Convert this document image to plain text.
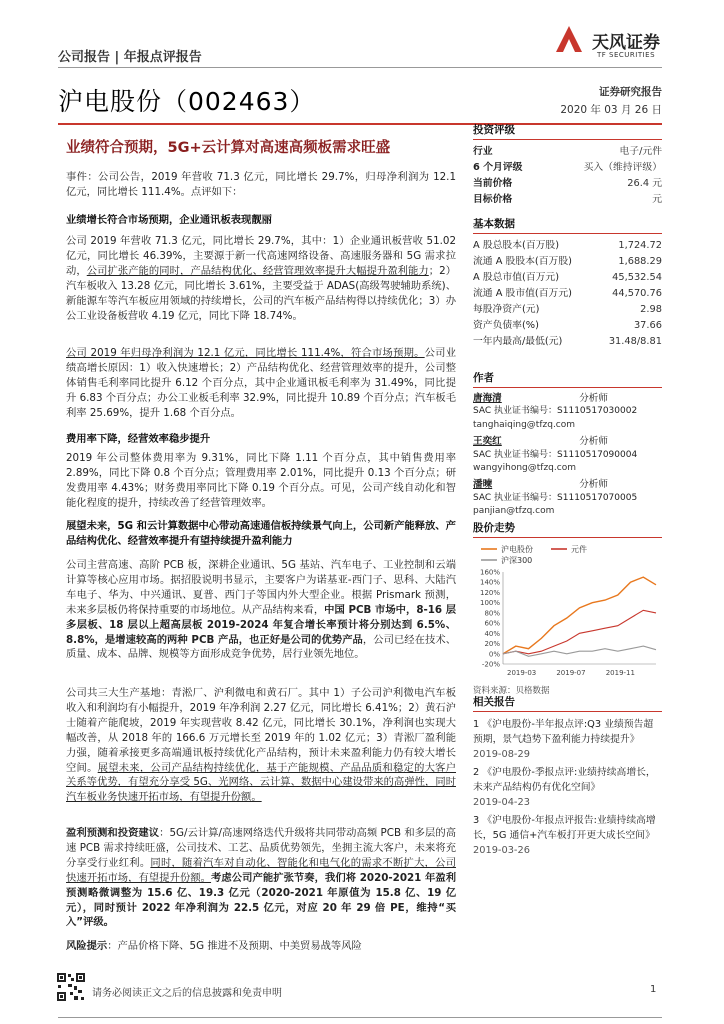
公司报告 | 年报点评报告
天风证券
TF SECURITIES
沪电股份（002463）	证券研究报告
2020 年 03 月 26 日
业绩符合预期，5G+云计算对高速高频板需求旺盛
事件：公司公告，2019 年营收 71.3 亿元，同比增长 29.7%，归母净利润为 12.1 亿元，同比增长 111.4%。点评如下：
业绩增长符合市场预期，企业通讯板表现靓丽
公司 2019 年营收 71.3 亿元，同比增长 29.7%，其中：1）企业通讯板营收 51.02 亿元，同比增长 46.39%，主要源于新一代高速网络设备、高速服务器和 5G 需求拉动，公司扩张产能的同时，产品结构优化、经营管理效率提升大幅提升盈利能力；2）汽车板收入 13.28 亿元，同比增长 3.61%，主要受益于 ADAS(高级驾驶辅助系统)、新能源车等汽车板应用领域的持续增长，公司的汽车板产品结构得以持续优化；3）办公工业设备板营收 4.19 亿元，同比下降 18.74%。
公司 2019 年归母净利润为 12.1 亿元，同比增长 111.4%，符合市场预期。公司业绩高增长原因：1）收入快速增长；2）产品结构优化、经营管理效率的提升，公司整体销售毛利率同比提升 6.12 个百分点，其中企业通讯板毛利率为 31.49%，同比提升 6.83 个百分点；办公工业板毛利率 32.9%，同比提升 10.89 个百分点；汽车板毛利率 25.69%，提升 1.68 个百分点。
费用率下降，经营效率稳步提升
2019 年公司整体费用率为 9.31%，同比下降 1.11 个百分点，其中销售费用率 2.89%，同比下降 0.8 个百分点；管理费用率 2.01%，同比提升 0.13 个百分点；研发费用率 4.43%；财务费用率同比下降 0.19 个百分点。可见，公司产线自动化和智能化程度的提升，持续改善了经营管理效率。
展望未来，5G 和云计算数据中心带动高速通信板持续景气向上，公司新产能释放、产品结构优化、经营效率提升有望持续提升盈利能力
公司主营高速、高阶 PCB 板，深耕企业通讯、5G 基站、汽车电子、工业控制和云端计算等核心应用市场。据招股说明书显示，主要客户为诺基亚-西门子、思科、大陆汽车电子、华为、中兴通讯、夏普、西门子等国内外大型企业。根据 Prismark 预测，未来多层板仍将保持重要的市场地位。从产品结构来看，中国 PCB 市场中，8-16 层多层板、18 层以上超高层板 2019-2024 年复合增长率预计将分别达到 6.5%、8.8%，是增速较高的两种 PCB 产品，也正好是公司的优势产品，公司已经在技术、质量、成本、品牌、规模等方面形成竞争优势，居行业领先地位。
公司共三大生产基地：青淞厂、沪利微电和黄石厂。其中 1）子公司沪利微电汽车板收入和利润均有小幅提升，2019 年净利润 2.27 亿元，同比增长 6.41%；2）黄石沪士随着产能爬坡，2019 年实现营收 8.42 亿元，同比增长 30.1%，净利润也实现大幅改善，从 2018 年的 166.6 万元增长至 2019 年的 1.02 亿元；3）青淞厂盈利能力强，随着承接更多高端通讯板持续优化产品结构，预计未来盈利能力仍有较大增长空间。展望未来，公司产品结构持续优化，基于产能规模、产品品质和稳定的大客户关系等优势，有望充分享受 5G、光网络、云计算、数据中心建设带来的高弹性，同时汽车板业务快速开拓市场，有望提升份额。
盈利预测和投资建议：5G/云计算/高速网络迭代升级将共同带动高频 PCB 和多层的高速 PCB 需求持续旺盛，公司技术、工艺、品质优势领先，坐拥主流大客户，未来将充分享受行业红利。同时，随着汽车对自动化、智能化和电气化的需求不断扩大，公司快速开拓市场，有望提升份额。考虑公司产能扩张节奏，我们将 2020-2021 年盈利预测略微调整为 15.6 亿、19.3 亿元（2020-2021 年原值为 15.8 亿、19 亿元），同时预计 2022 年净利润为 22.5 亿元，对应 20 年 29 倍 PE，维持“买入”评级。
风险提示：产品价格下降、5G 推进不及预期、中美贸易战等风险
投资评级
行业	电子/元件
6 个月评级	买入（维持评级）
当前价格	26.4 元
目标价格	元
基本数据
A 股总股本(百万股)	1,724.72
流通 A 股股本(百万股)	1,688.29
A 股总市值(百万元)	45,532.54
流通 A 股市值(百万元)	44,570.76
每股净资产(元)	2.98
资产负债率(%)	37.66
一年内最高/最低(元)	31.48/8.81
作者
唐海清	分析师
SAC 执业证书编号：S1110517030002
tanghaiqing@tfzq.com
王奕红	分析师
SAC 执业证书编号：S1110517090004
wangyihong@tfzq.com
潘暕	分析师
SAC 执业证书编号：S1110517070005
panjian@tfzq.com
股价走势
沪电股份	元件
沪深300
-20%
0%
20%
40%
60%
80%
100%
120%
140%
160%
2019-03	2019-07	2019-11
资料来源：贝格数据
相关报告
1 《沪电股份-半年报点评:Q3 业绩预告超预期，景气趋势下盈利能力持续提升》
2019-08-29
2 《沪电股份-季报点评:业绩持续高增长，未来产品结构仍有优化空间》
2019-04-23
3 《沪电股份-年报点评报告:业绩持续高增长，5G 通信+汽车板打开更大成长空间》
2019-03-26
请务必阅读正文之后的信息披露和免责申明	1
